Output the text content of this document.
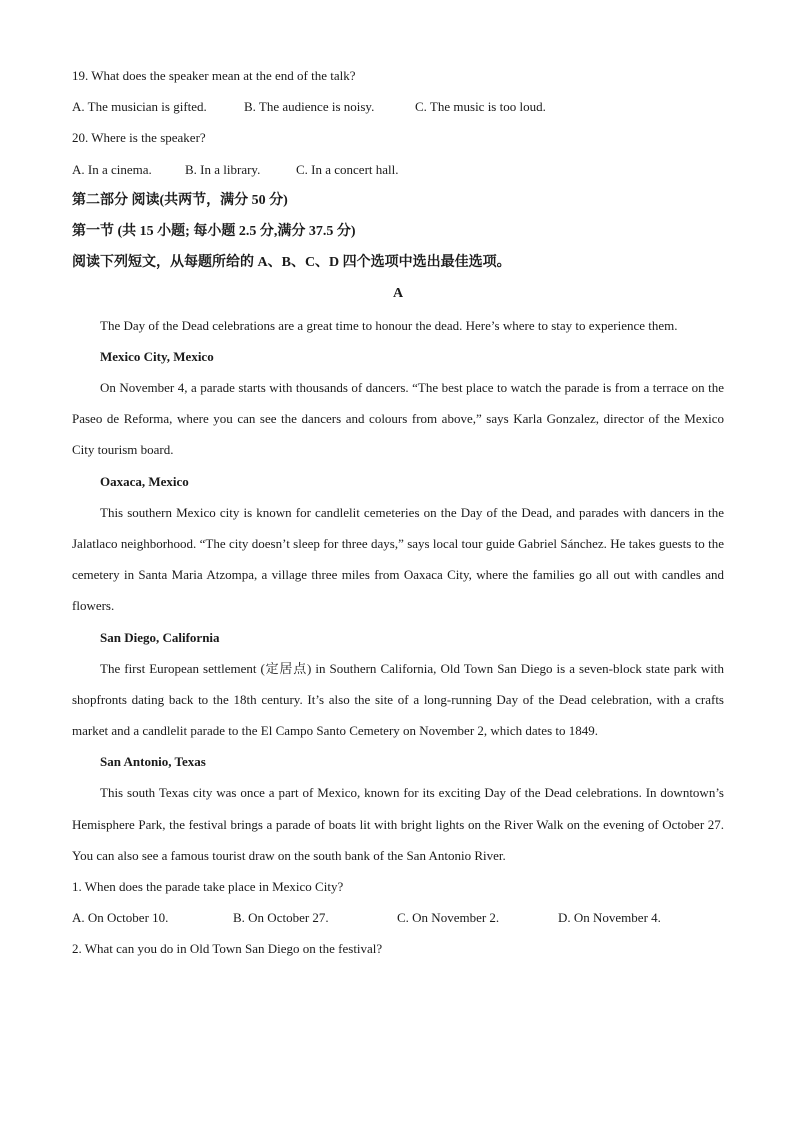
19. What does the speaker mean at the end of the talk?
A. The musician is gifted.	B. The audience is noisy.	C. The music is too loud.
20. Where is the speaker?
A. In a cinema.	B. In a library.	C. In a concert hall.
第二部分 阅读(共两节，满分 50 分)
第一节 (共 15 小题; 每小题 2.5 分,满分 37.5 分)
阅读下列短文，从每题所给的 A、B、C、D 四个选项中选出最佳选项。
A
The Day of the Dead celebrations are a great time to honour the dead. Here’s where to stay to experience them.
Mexico City, Mexico
On November 4, a parade starts with thousands of dancers. “The best place to watch the parade is from a terrace on the Paseo de Reforma, where you can see the dancers and colours from above,” says Karla Gonzalez, director of the Mexico City tourism board.
Oaxaca, Mexico
This southern Mexico city is known for candlelit cemeteries on the Day of the Dead, and parades with dancers in the Jalatlaco neighborhood. “The city doesn’t sleep for three days,” says local tour guide Gabriel Sánchez. He takes guests to the cemetery in Santa Maria Atzompa, a village three miles from Oaxaca City, where the families go all out with candles and flowers.
San Diego, California
The first European settlement (定居点) in Southern California, Old Town San Diego is a seven-block state park with shopfronts dating back to the 18th century. It’s also the site of a long-running Day of the Dead celebration, with a crafts market and a candlelit parade to the El Campo Santo Cemetery on November 2, which dates to 1849.
San Antonio, Texas
This south Texas city was once a part of Mexico, known for its exciting Day of the Dead celebrations. In downtown’s Hemisphere Park, the festival brings a parade of boats lit with bright lights on the River Walk on the evening of October 27. You can also see a famous tourist draw on the south bank of the San Antonio River.
1. When does the parade take place in Mexico City?
A. On October 10.	B. On October 27.	C. On November 2.	D. On November 4.
2. What can you do in Old Town San Diego on the festival?
